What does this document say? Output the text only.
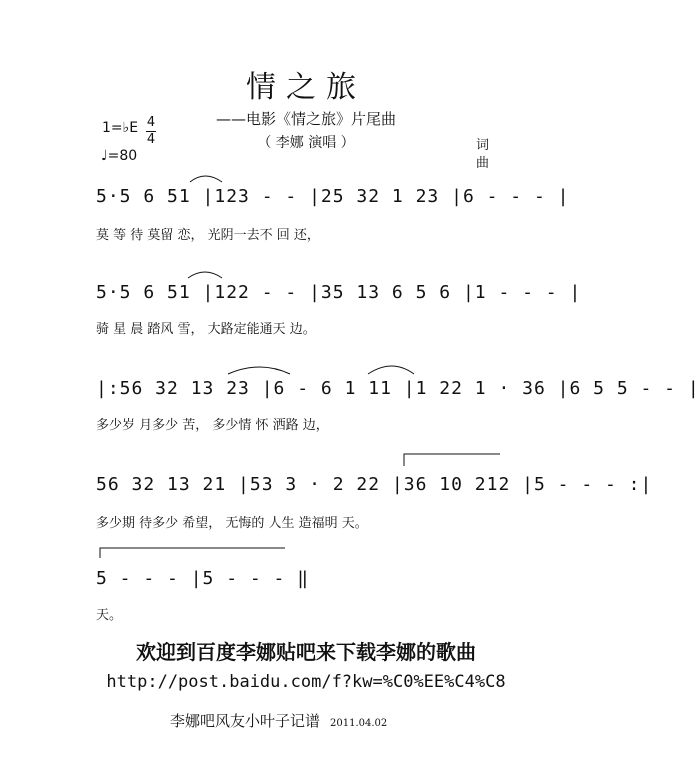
情之旅
——电影《情之旅》片尾曲
（ 李娜 演唱 ）
1=♭E 4
4
♩=80
词
曲
5·5 6 51 |123 - - |25 32 1 23 |6 - - - |
莫 等 待 莫留 恋， 光阴一去不 回 还，
5·5 6 51 |122 - - |35 13 6 5 6 |1 - - - |
骑 星 晨 踏风 雪， 大路定能通天 边。
|:56 32 13 23 |6 - 6 1 11 |1 22 1 · 36 |6 5 5 - - |
多少岁 月多少 苦， 多少情 怀 洒路 边，
56 32 13 21 |53 3 · 2 22 |36 10 212 |5 - - - :|
多少期 待多少 希望， 无悔的 人生 造福明 天。
5 - - - |5 - - - ‖
天。
欢迎到百度李娜贴吧来下载李娜的歌曲
http://post.baidu.com/f?kw=%C0%EE%C4%C8
李娜吧风友小叶子记谱 2011.04.02
